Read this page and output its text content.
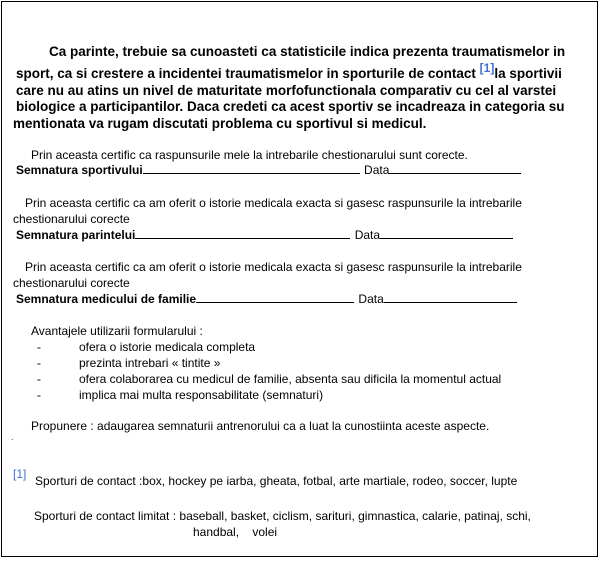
Ca parinte, trebuie sa cunoasteti ca statisticile indica prezenta traumatismelor in
sport, ca si crestere a incidentei traumatismelor in sporturile de contact [1]la sportivii
care nu au atins un nivel de maturitate morfofunctionala comparativ cu cel al varstei
biologice a participantilor. Daca credeti ca acest sportiv se incadreaza in categoria su
mentionata va rugam discutati problema cu sportivul si medicul.
Prin aceasta certific ca raspunsurile mele la intrebarile chestionarului sunt corecte.
Semnatura sportivului	Data
Prin aceasta certific ca am oferit o istorie medicala exacta si gasesc raspunsurile la intrebarile
chestionarului corecte
Semnatura parintelui	Data
Prin aceasta certific ca am oferit o istorie medicala exacta si gasesc raspunsurile la intrebarile
chestionarului corecte
Semnatura medicului de familie	Data
Avantajele utilizarii formularului :
-	ofera o istorie medicala completa
-	prezinta intrebari « tintite »
-	ofera colaborarea cu medicul de familie, absenta sau dificila la momentul actual
-	implica mai multa responsabilitate (semnaturi)
Propunere : adaugarea semnaturii antrenorului ca a luat la cunostiinta aceste aspecte.
.
[1] Sporturi de contact :box, hockey pe iarba, gheata, fotbal, arte martiale, rodeo, soccer, lupte
Sporturi de contact limitat : baseball, basket, ciclism, sarituri, gimnastica, calarie, patinaj, schi,
handbal,    volei
